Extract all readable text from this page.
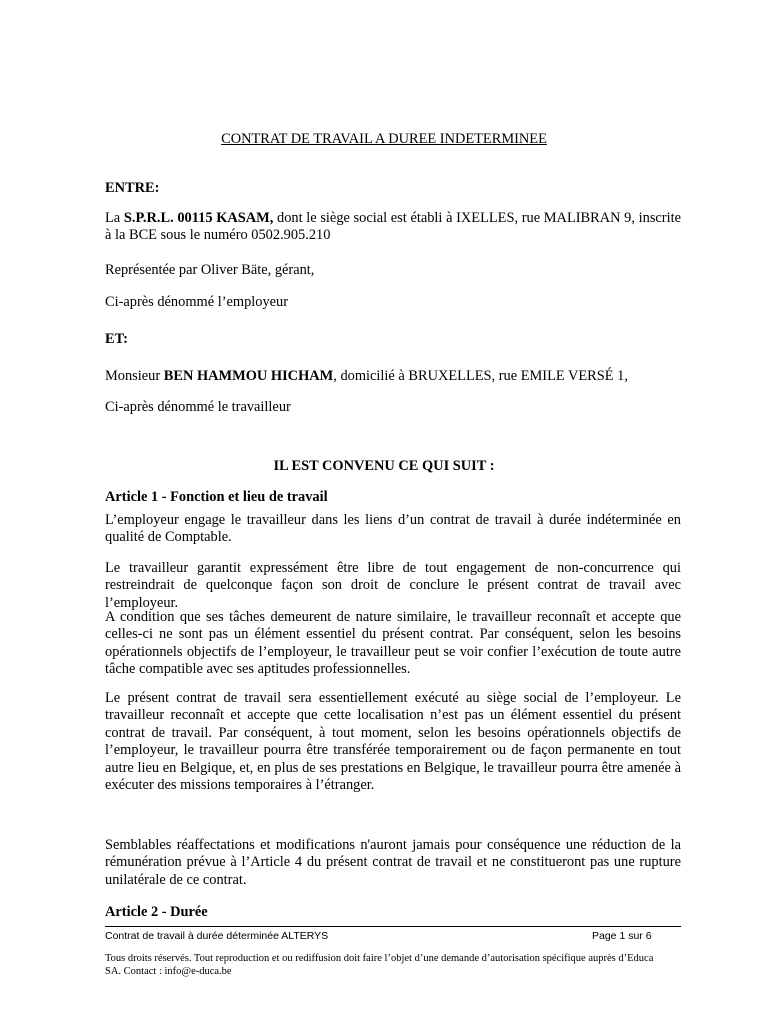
CONTRAT DE TRAVAIL A DUREE INDETERMINEE

ENTRE:

La S.P.R.L. 00115 KASAM, dont le siège social est établi à IXELLES, rue MALIBRAN 9, inscrite à la BCE sous le numéro 0502.905.210

Représentée par Oliver Bäte, gérant,

Ci-après dénommé l’employeur

ET:

Monsieur BEN HAMMOU HICHAM, domicilié à BRUXELLES, rue EMILE VERSÉ 1,

Ci-après dénommé le travailleur

IL EST CONVENU CE QUI SUIT :

Article 1 - Fonction et lieu de travail

L’employeur engage le travailleur dans les liens d’un contrat de travail à durée indéterminée en qualité de Comptable.

Le travailleur garantit expressément être libre de tout engagement de non-concurrence qui restreindrait de quelconque façon son droit de conclure le présent contrat de travail avec l’employeur.

A condition que ses tâches demeurent de nature similaire, le travailleur reconnaît et accepte que celles-ci ne sont pas un élément essentiel du présent contrat. Par conséquent, selon les besoins opérationnels objectifs de l’employeur, le travailleur peut se voir confier l’exécution de toute autre tâche compatible avec ses aptitudes professionnelles.

Le présent contrat de travail sera essentiellement exécuté au siège social de l’employeur. Le travailleur reconnaît et accepte que cette localisation n’est pas un élément essentiel du présent contrat de travail. Par conséquent, à tout moment, selon les besoins opérationnels objectifs de l’employeur, le travailleur pourra être transférée temporairement ou de façon permanente en tout autre lieu en Belgique, et, en plus de ses prestations en Belgique, le travailleur pourra être amenée à exécuter des missions temporaires à l’étranger.

Semblables réaffectations et modifications n'auront jamais pour conséquence une réduction de la rémunération prévue à l’Article 4 du présent contrat de travail et ne constitueront pas une rupture unilatérale de ce contrat.

Article 2 - Durée

Contrat de travail à durée déterminée ALTERYS	Page 1 sur 6

Tous droits réservés. Tout reproduction et ou rediffusion doit faire l’objet d’une demande d’autorisation spécifique auprès d’Educa SA. Contact : info@e-duca.be
